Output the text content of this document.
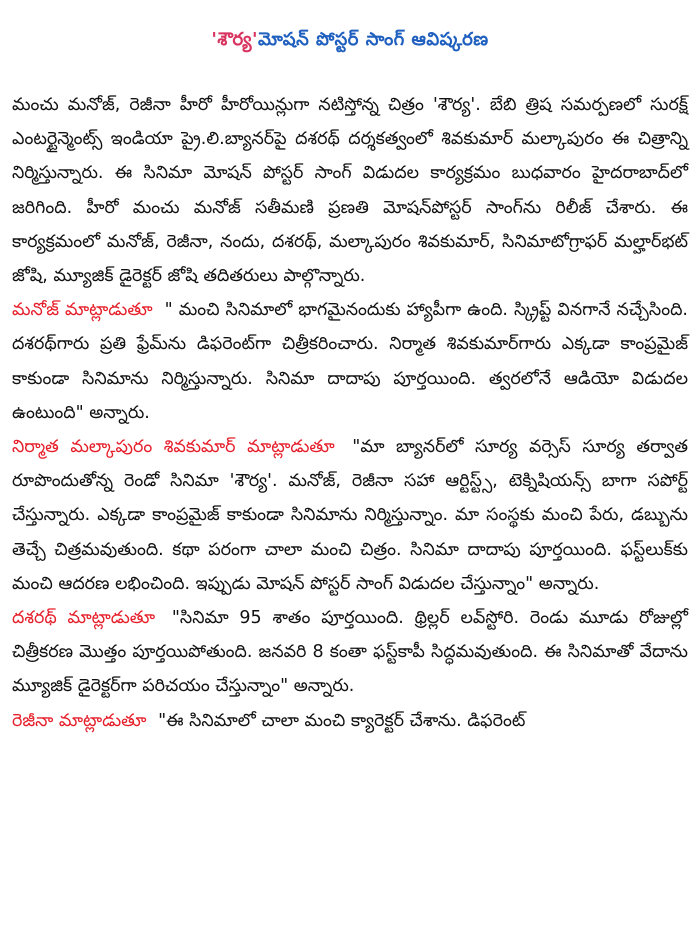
'శౌర్య' మోషన్ పోస్టర్ సాంగ్ ఆవిష్కరణ

మంచు మనోజ్, రెజీనా హీరో హీరోయిన్లుగా నటిస్తోన్న చిత్రం 'శౌర్య'. బేబి త్రిష సమర్పణలో సురక్ష్ ఎంటర్టైన్మెంట్స్ ఇండియా ప్రై.లి.బ్యానర్‌పై దశరథ్ దర్శకత్వంలో శివకుమార్ మల్కాపురం ఈ చిత్రాన్ని నిర్మిస్తున్నారు. ఈ సినిమా మోషన్ పోస్టర్ సాంగ్ విడుదల కార్యక్రమం బుధవారం హైదరాబాద్‌లో జరిగింది. హీరో మంచు మనోజ్ సతీమణి ప్రణతి మోషన్‌పోస్టర్ సాంగ్‌ను రిలీజ్ చేశారు. ఈ కార్యక్రమంలో మనోజ్, రెజీనా, నందు, దశరథ్, మల్కాపురం శివకుమార్, సినిమాటోగ్రాఫర్ మల్హార్‌భట్ జోషి, మ్యూజిక్ డైరెక్టర్ జోషి తదితరులు పాల్గొన్నారు.

మనోజ్ మాట్లాడుతూ " మంచి సినిమాలో భాగమైనందుకు హ్యాపీగా ఉంది. స్క్రిప్ట్ వినగానే నచ్చేసింది. దశరథ్‌గారు ప్రతి ఫ్రేమ్‌ను డిఫరెంట్‌గా చిత్రీకరించారు. నిర్మాత శివకుమార్‌గారు ఎక్కడా కాంప్రమైజ్ కాకుండా సినిమాను నిర్మిస్తున్నారు. సినిమా దాదాపు పూర్తయింది. త్వరలోనే ఆడియో విడుదల ఉంటుంది" అన్నారు.

నిర్మాత మల్కాపురం శివకుమార్ మాట్లాడుతూ "మా బ్యానర్‌లో సూర్య వర్సెస్ సూర్య తర్వాత రూపొందుతోన్న రెండో సినిమా 'శౌర్య'. మనోజ్, రెజీనా సహా ఆర్టిస్ట్స్, టెక్నిషియన్స్ బాగా సపోర్ట్ చేస్తున్నారు. ఎక్కడా కాంప్రమైజ్ కాకుండా సినిమాను నిర్మిస్తున్నాం. మా సంస్థకు మంచి పేరు, డబ్బును తెచ్చే చిత్రమవుతుంది. కథా పరంగా చాలా మంచి చిత్రం. సినిమా దాదాపు పూర్తయింది. ఫస్ట్‌లుక్‌కు మంచి ఆదరణ లభించింది. ఇప్పుడు మోషన్ పోస్టర్ సాంగ్ విడుదల చేస్తున్నాం" అన్నారు.

దశరథ్ మాట్లాడుతూ "సినిమా 95 శాతం పూర్తయింది. థ్రిల్లర్ లవ్‌స్టోరి. రెండు మూడు రోజుల్లో చిత్రీకరణ మొత్తం పూర్తయిపోతుంది. జనవరి 8 కంతా ఫస్ట్‌కాపీ సిద్ధమవుతుంది. ఈ సినిమాతో వేదాను మ్యూజిక్ డైరెక్టర్‌గా పరిచయం చేస్తున్నాం" అన్నారు.

రెజీనా మాట్లాడుతూ "ఈ సినిమాలో చాలా మంచి క్యారెక్టర్ చేశాను. డిఫరెంట్
